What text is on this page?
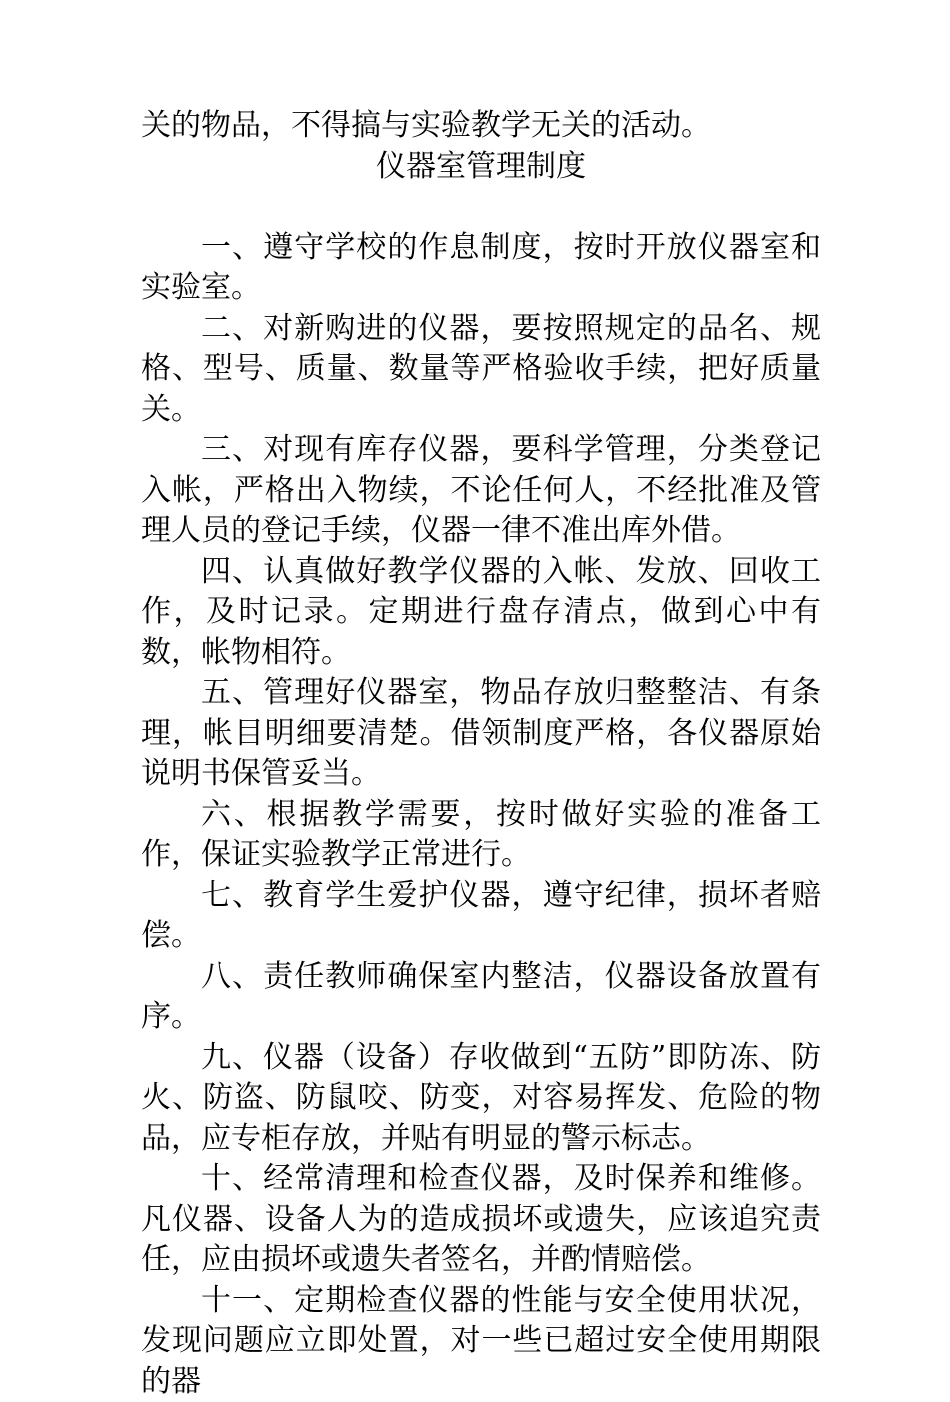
关的物品，不得搞与实验教学无关的活动。

仪器室管理制度

一、遵守学校的作息制度，按时开放仪器室和实验室。

二、对新购进的仪器，要按照规定的品名、规格、型号、质量、数量等严格验收手续，把好质量关。

三、对现有库存仪器，要科学管理，分类登记入帐，严格出入物续，不论任何人，不经批准及管理人员的登记手续，仪器一律不准出库外借。

四、认真做好教学仪器的入帐、发放、回收工作，及时记录。定期进行盘存清点，做到心中有数，帐物相符。

五、管理好仪器室，物品存放归整整洁、有条理，帐目明细要清楚。借领制度严格，各仪器原始说明书保管妥当。

六、根据教学需要，按时做好实验的准备工作，保证实验教学正常进行。

七、教育学生爱护仪器，遵守纪律，损坏者赔偿。

八、责任教师确保室内整洁，仪器设备放置有序。

九、仪器（设备）存收做到“五防”即防冻、防火、防盗、防鼠咬、防变，对容易挥发、危险的物品，应专柜存放，并贴有明显的警示标志。

十、经常清理和检查仪器，及时保养和维修。凡仪器、设备人为的造成损坏或遗失，应该追究责任，应由损坏或遗失者签名，并酌情赔偿。

十一、定期检查仪器的性能与安全使用状况，发现问题应立即处置，对一些已超过安全使用期限的器
